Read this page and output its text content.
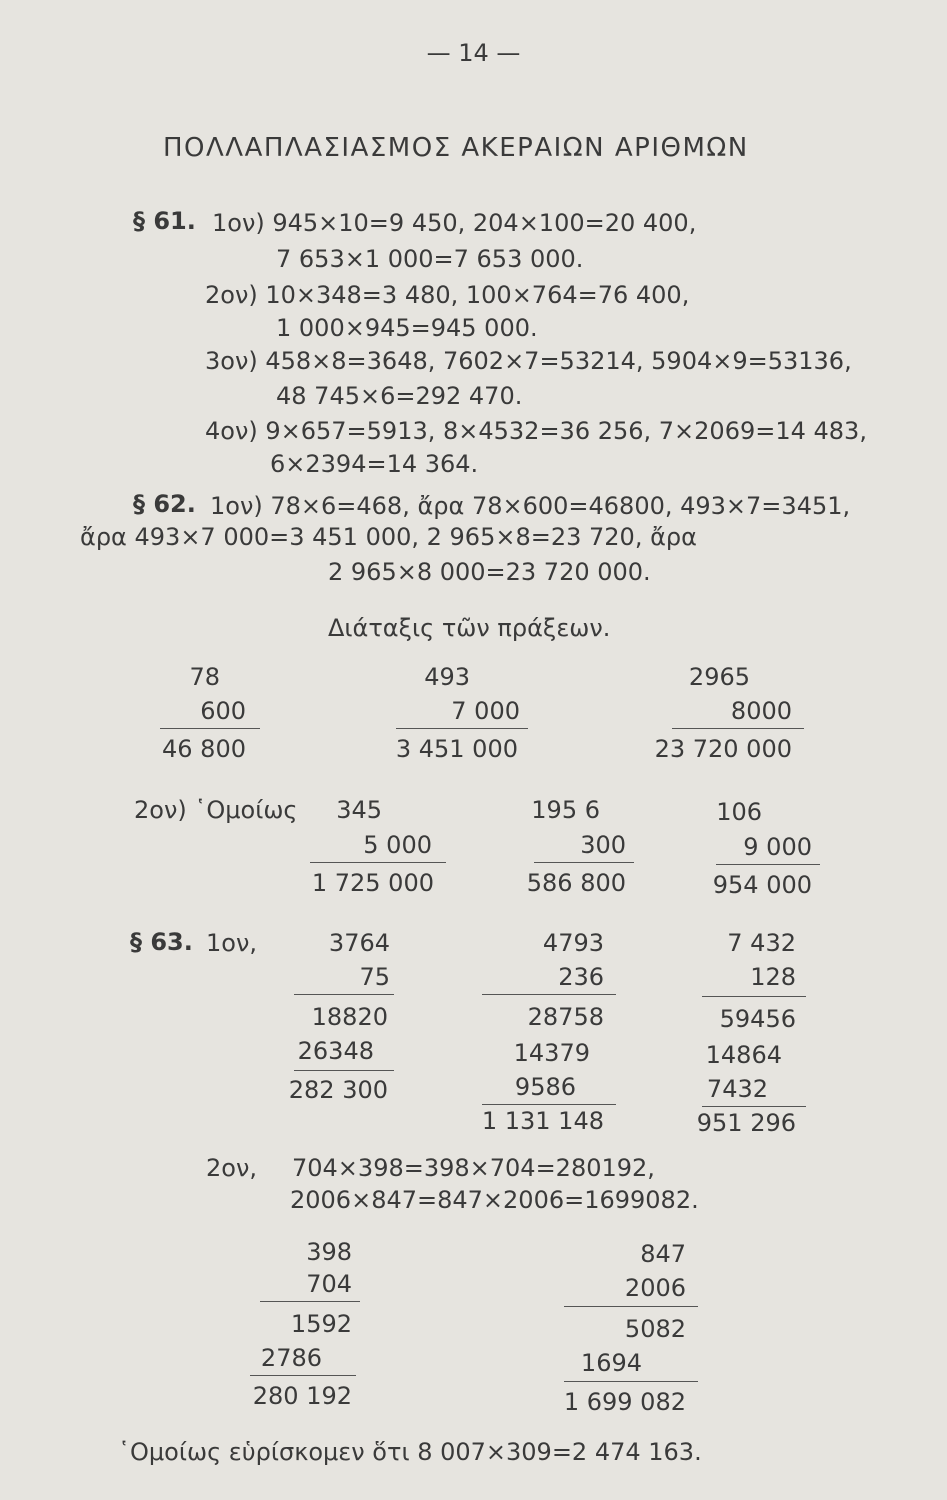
— 14 —
ΠΟΛΛΑΠΛΑΣΙΑΣΜΟΣ ΑΚΕΡΑΙΩΝ ΑΡΙΘΜΩΝ
§ 61. 1ον) 945×10=9 450, 204×100=20 400,
7 653×1 000=7 653 000.
2ον) 10×348=3 480, 100×764=76 400,
1 000×945=945 000.
3ον) 458×8=3648, 7602×7=53214, 5904×9=53136,
48 745×6=292 470.
4ον) 9×657=5913, 8×4532=36 256, 7×2069=14 483,
6×2394=14 364.
§ 62. 1ον) 78×6=468, ἄρα 78×600=46800, 493×7=3451,
ἄρα 493×7 000=3 451 000, 2 965×8=23 720, ἄρα
2 965×8 000=23 720 000.
Διάταξις τῶν πράξεων.
78
600
46 800
493
7 000
3 451 000
2965
8000
23 720 000
2ον) ῾Ομοίως	345
5 000
1 725 000
195 6
300
586 800
106
9 000
954 000
§ 63. 1ον,	3764
75
18820
26348
282 300
4793
236
28758
14379
9586
1 131 148
7 432
128
59456
14864
7432
951 296
2ον, 704×398=398×704=280192,
2006×847=847×2006=1699082.
398
704
1592
2786
280 192
847
2006
5082
1694
1 699 082
῾Ομοίως εὑρίσκομεν ὅτι 8 007×309=2 474 163.
